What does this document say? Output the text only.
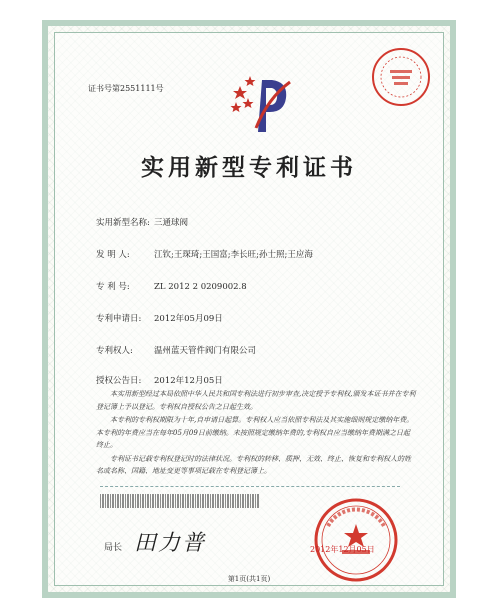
证书号第2551111号
实用新型专利证书
实用新型名称: 三通球阀
发 明 人:	江钦;王琛琦;王国富;李长旺;孙士照;王应海
专 利 号:	ZL 2012 2 0209002.8
专利申请日: 2012年05月09日
专利权人: 温州蓝天管件阀门有限公司
授权公告日: 2012年12月05日

本实用新型经过本局依照中华人民共和国专利法进行初步审查,决定授予专利权,颁发本证书并在专利登记簿上予以登记。专利权自授权公告之日起生效。

本专利的专利权期限为十年,自申请日起算。专利权人应当依照专利法及其实施细则规定缴纳年费。本专利的年费应当在每年05月09日前缴纳。未按照规定缴纳年费的,专利权自应当缴纳年费期满之日起终止。

专利证书记载专利权登记时的法律状况。专利权的转移、质押、无效、终止、恢复和专利权人的姓名或名称、国籍、地址变更等事项记载在专利登记簿上。

局长 田力普	2012年12月05日
第1页(共1页)
